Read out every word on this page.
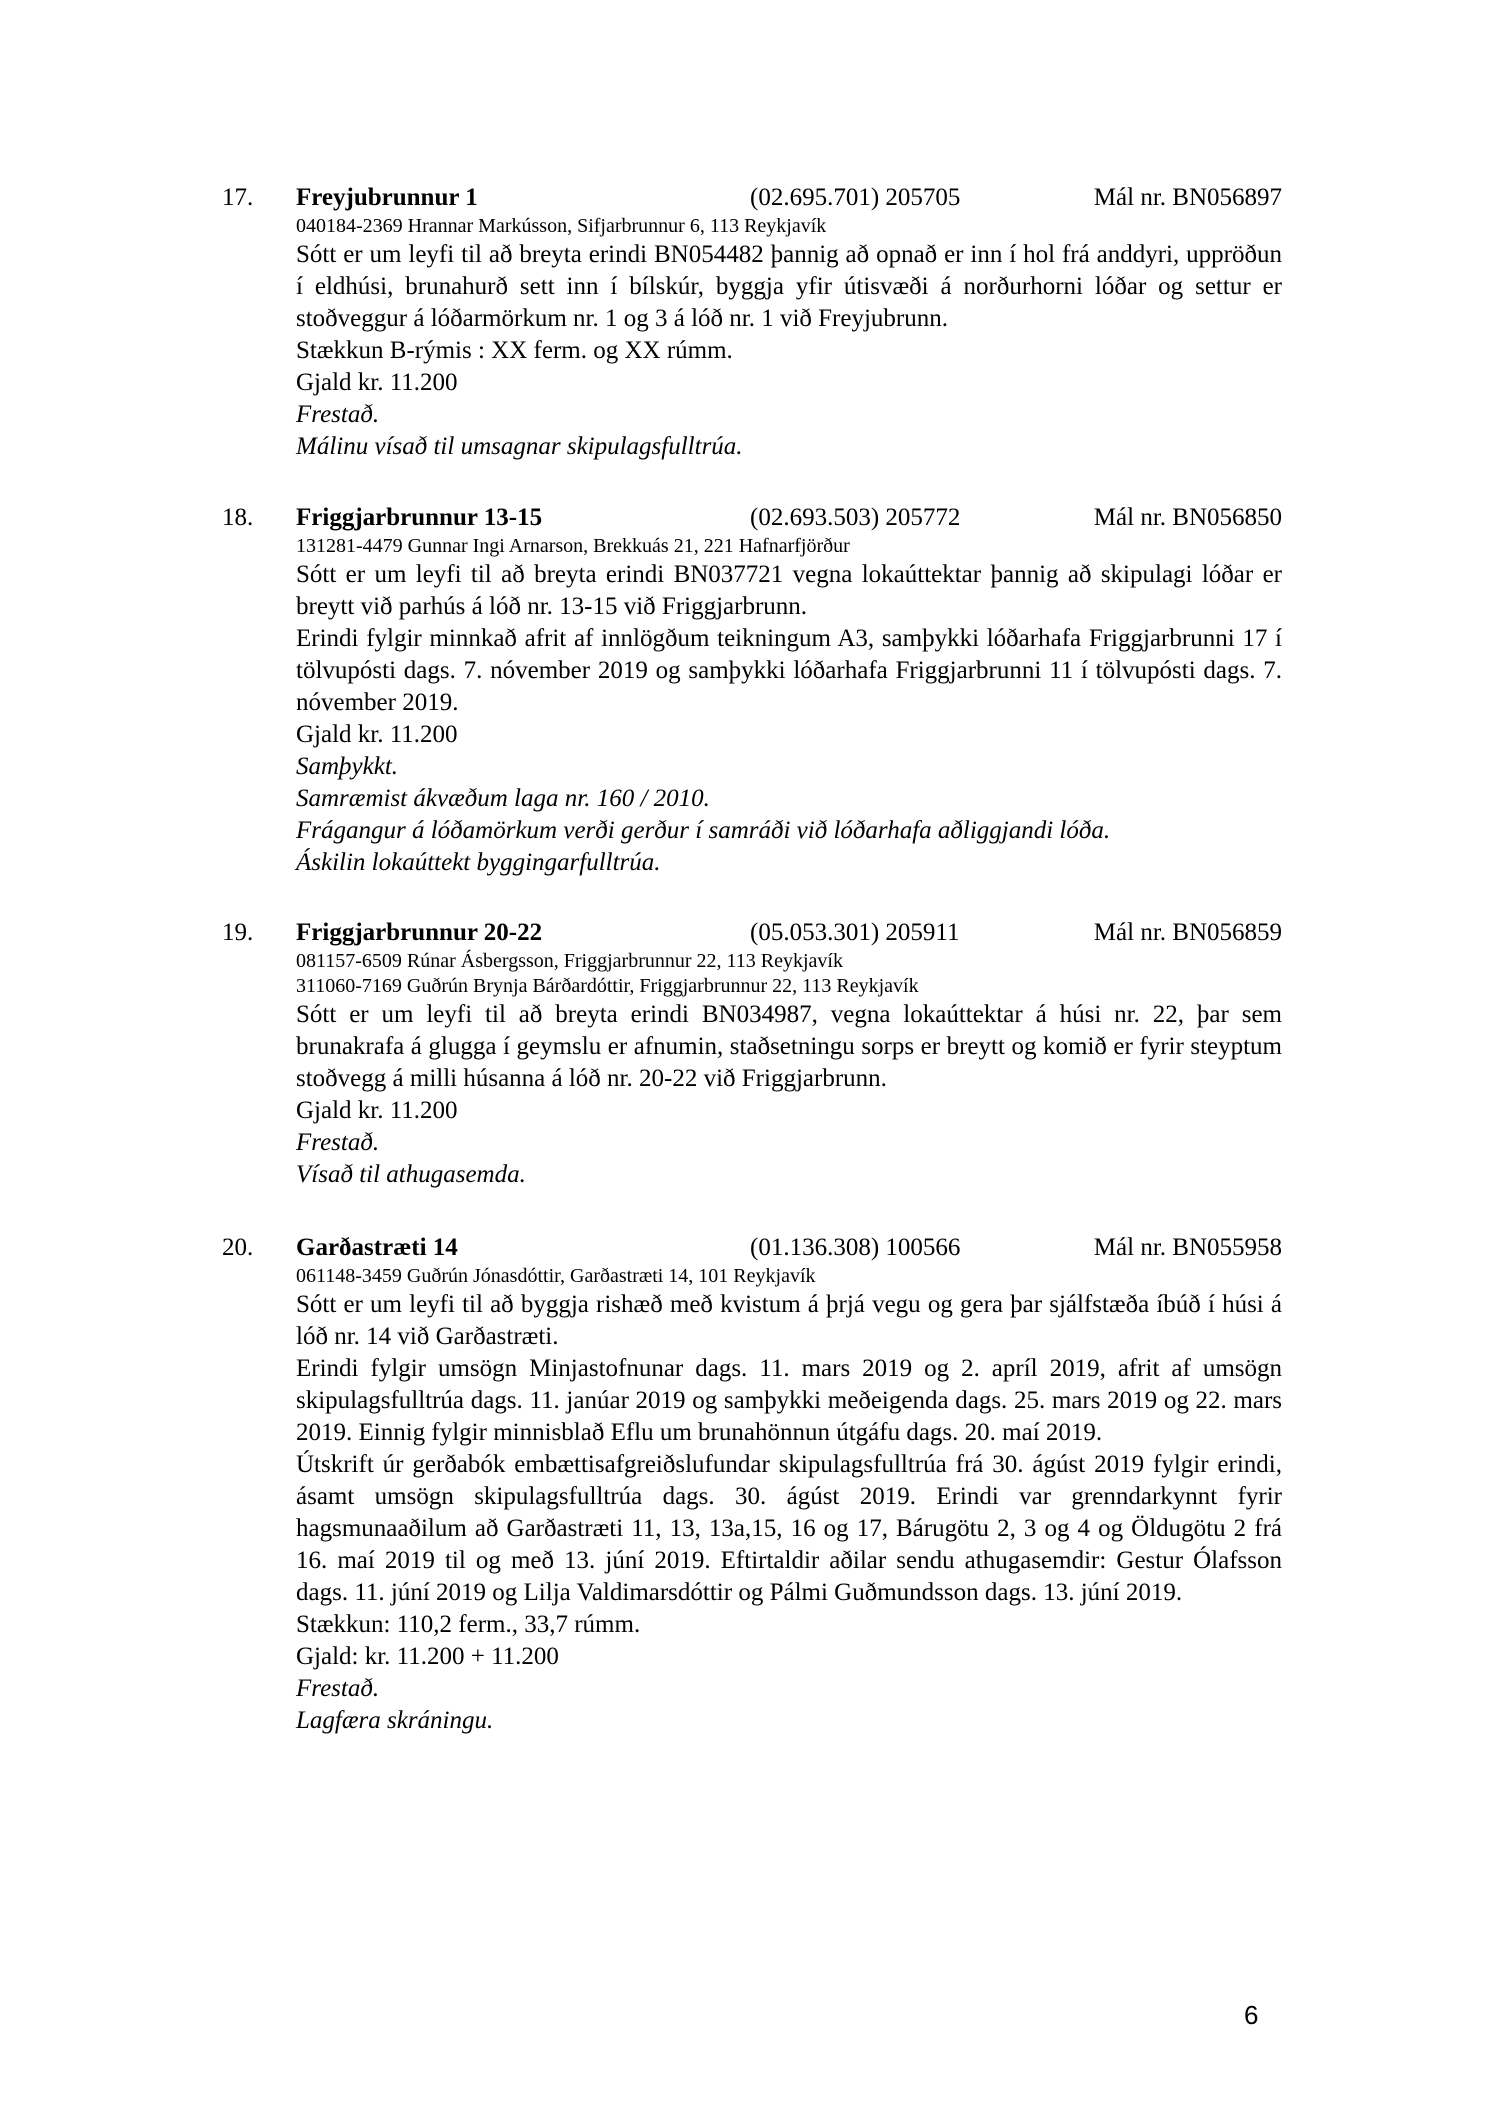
17. Freyjubrunnur 1	(02.695.701) 205705	Mál nr. BN056897
040184-2369 Hrannar Markússon, Sifjarbrunnur 6, 113 Reykjavík
Sótt er um leyfi til að breyta erindi BN054482 þannig að opnað er inn í hol frá anddyri, uppröðun í eldhúsi, brunahurð sett inn í bílskúr, byggja yfir útisvæði á norðurhorni lóðar og settur er stoðveggur á lóðarmörkum nr. 1 og 3 á lóð nr. 1 við Freyjubrunn.
Stækkun B-rýmis : XX ferm. og XX rúmm.
Gjald kr. 11.200
Frestað.
Málinu vísað til umsagnar skipulagsfulltrúa.
18. Friggjarbrunnur 13-15	(02.693.503) 205772	Mál nr. BN056850
131281-4479 Gunnar Ingi Arnarson, Brekkuás 21, 221 Hafnarfjörður
Sótt er um leyfi til að breyta erindi BN037721 vegna lokaúttektar þannig að skipulagi lóðar er breytt við parhús á lóð nr. 13-15 við Friggjarbrunn.
Erindi fylgir minnkað afrit af innlögðum teikningum A3, samþykki lóðarhafa Friggjarbrunni 17 í tölvupósti dags. 7. nóvember 2019 og samþykki lóðarhafa Friggjarbrunni 11 í tölvupósti dags. 7. nóvember 2019.
Gjald kr. 11.200
Samþykkt.
Samræmist ákvæðum laga nr. 160 / 2010.
Frágangur á lóðamörkum verði gerður í samráði við lóðarhafa aðliggjandi lóða.
Áskilin lokaúttekt byggingarfulltrúa.
19. Friggjarbrunnur 20-22	(05.053.301) 205911	Mál nr. BN056859
081157-6509 Rúnar Ásbergsson, Friggjarbrunnur 22, 113 Reykjavík
311060-7169 Guðrún Brynja Bárðardóttir, Friggjarbrunnur 22, 113 Reykjavík
Sótt er um leyfi til að breyta erindi BN034987, vegna lokaúttektar á húsi nr. 22, þar sem brunakrafa á glugga í geymslu er afnumin, staðsetningu sorps er breytt og komið er fyrir steyptum stoðvegg á milli húsanna á lóð nr. 20-22 við Friggjarbrunn.
Gjald kr. 11.200
Frestað.
Vísað til athugasemda.
20. Garðastræti 14	(01.136.308) 100566	Mál nr. BN055958
061148-3459 Guðrún Jónasdóttir, Garðastræti 14, 101 Reykjavík
Sótt er um leyfi til að byggja rishæð með kvistum á þrjá vegu og gera þar sjálfstæða íbúð í húsi á lóð nr. 14 við Garðastræti.
Erindi fylgir umsögn Minjastofnunar dags. 11. mars 2019 og 2. apríl 2019, afrit af umsögn skipulagsfulltrúa dags. 11. janúar 2019 og samþykki meðeigenda dags. 25. mars 2019 og 22. mars 2019. Einnig fylgir minnisblað Eflu um brunahönnun útgáfu dags. 20. maí 2019.
Útskrift úr gerðabók embættisafgreiðslufundar skipulagsfulltrúa frá 30. ágúst 2019 fylgir erindi, ásamt umsögn skipulagsfulltrúa dags. 30. ágúst 2019. Erindi var grenndarkynnt fyrir hagsmunaaðilum að Garðastræti 11, 13, 13a,15, 16 og 17, Bárugötu 2, 3 og 4 og Öldugötu 2 frá 16. maí 2019 til og með 13. júní 2019. Eftirtaldir aðilar sendu athugasemdir: Gestur Ólafsson dags. 11. júní 2019 og Lilja Valdimarsdóttir og Pálmi Guðmundsson dags. 13. júní 2019.
Stækkun: 110,2 ferm., 33,7 rúmm.
Gjald: kr. 11.200 + 11.200
Frestað.
Lagfæra skráningu.
6
